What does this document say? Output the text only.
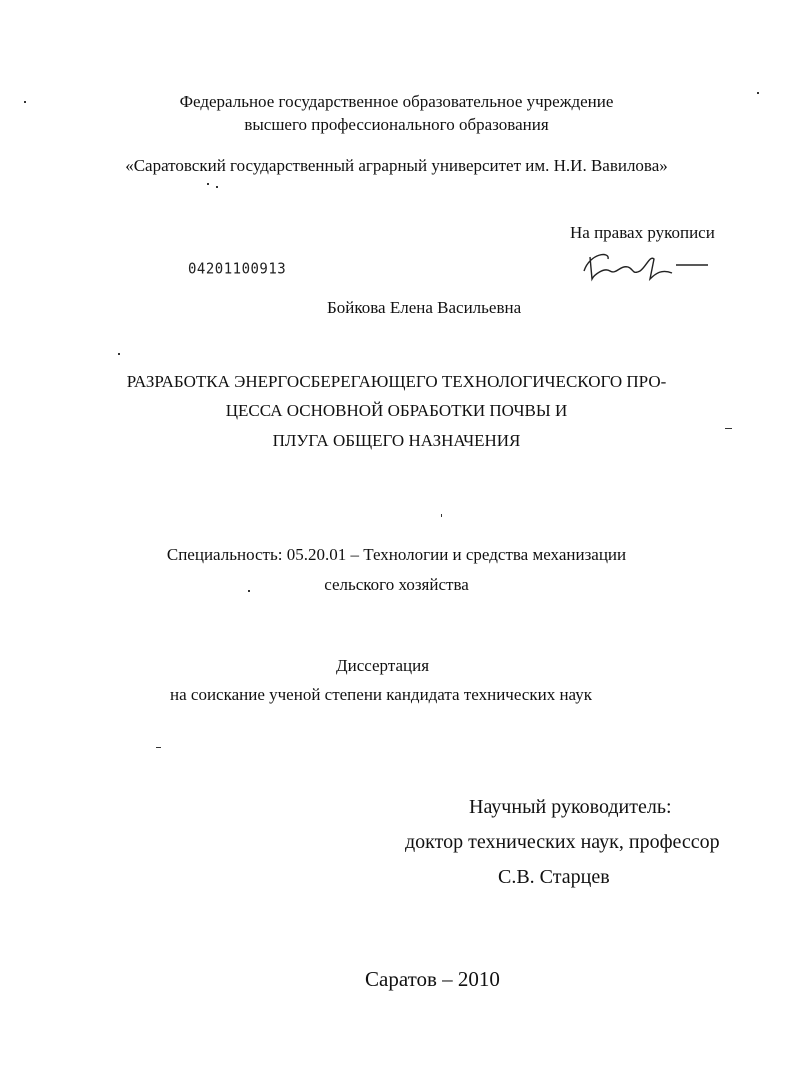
Федеральное государственное образовательное учреждение
высшего профессионального образования
«Саратовский государственный аграрный университет им. Н.И. Вавилова»
На правах рукописи
04201100913
Бойкова Елена Васильевна
РАЗРАБОТКА ЭНЕРГОСБЕРЕГАЮЩЕГО ТЕХНОЛОГИЧЕСКОГО ПРО-
ЦЕССА ОСНОВНОЙ ОБРАБОТКИ ПОЧВЫ И
ПЛУГА ОБЩЕГО НАЗНАЧЕНИЯ
Специальность: 05.20.01 – Технологии и средства механизации
сельского хозяйства
Диссертация
на соискание ученой степени кандидата технических наук
Научный руководитель:
доктор технических наук, профессор
С.В. Старцев
Саратов – 2010
